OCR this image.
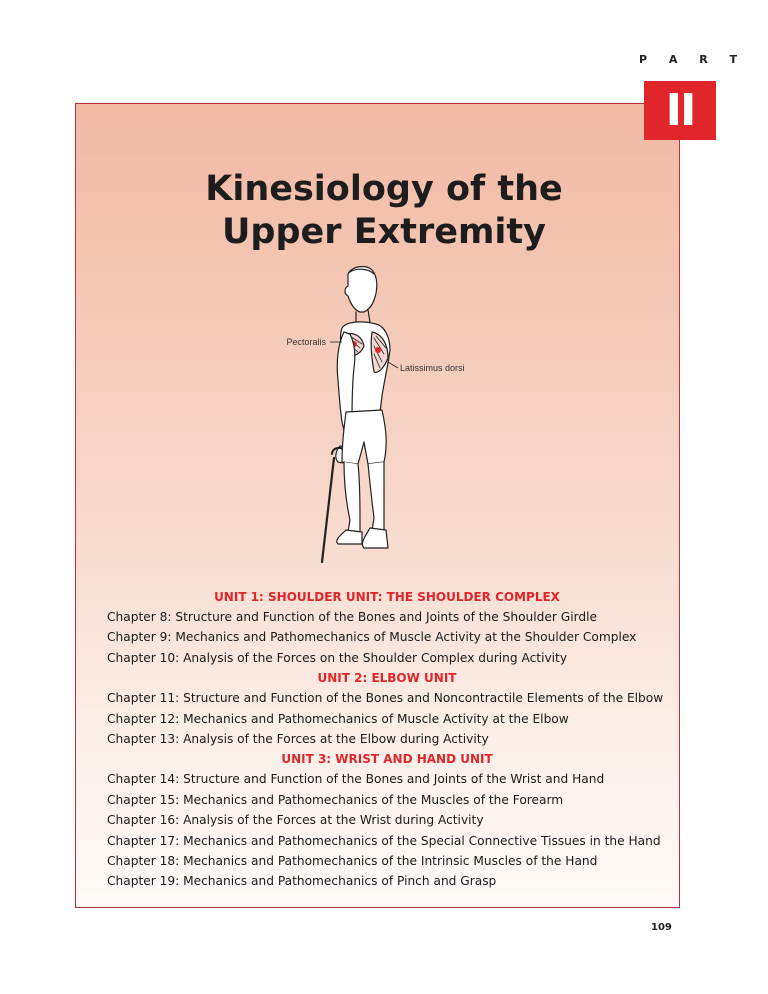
P A R T
II
Kinesiology of the
Upper Extremity
Pectoralis
Latissimus dorsi
UNIT 1: SHOULDER UNIT: THE SHOULDER COMPLEX
Chapter 8: Structure and Function of the Bones and Joints of the Shoulder Girdle
Chapter 9: Mechanics and Pathomechanics of Muscle Activity at the Shoulder Complex
Chapter 10: Analysis of the Forces on the Shoulder Complex during Activity
UNIT 2: ELBOW UNIT
Chapter 11: Structure and Function of the Bones and Noncontractile Elements of the Elbow
Chapter 12: Mechanics and Pathomechanics of Muscle Activity at the Elbow
Chapter 13: Analysis of the Forces at the Elbow during Activity
UNIT 3: WRIST AND HAND UNIT
Chapter 14: Structure and Function of the Bones and Joints of the Wrist and Hand
Chapter 15: Mechanics and Pathomechanics of the Muscles of the Forearm
Chapter 16: Analysis of the Forces at the Wrist during Activity
Chapter 17: Mechanics and Pathomechanics of the Special Connective Tissues in the Hand
Chapter 18: Mechanics and Pathomechanics of the Intrinsic Muscles of the Hand
Chapter 19: Mechanics and Pathomechanics of Pinch and Grasp
109
